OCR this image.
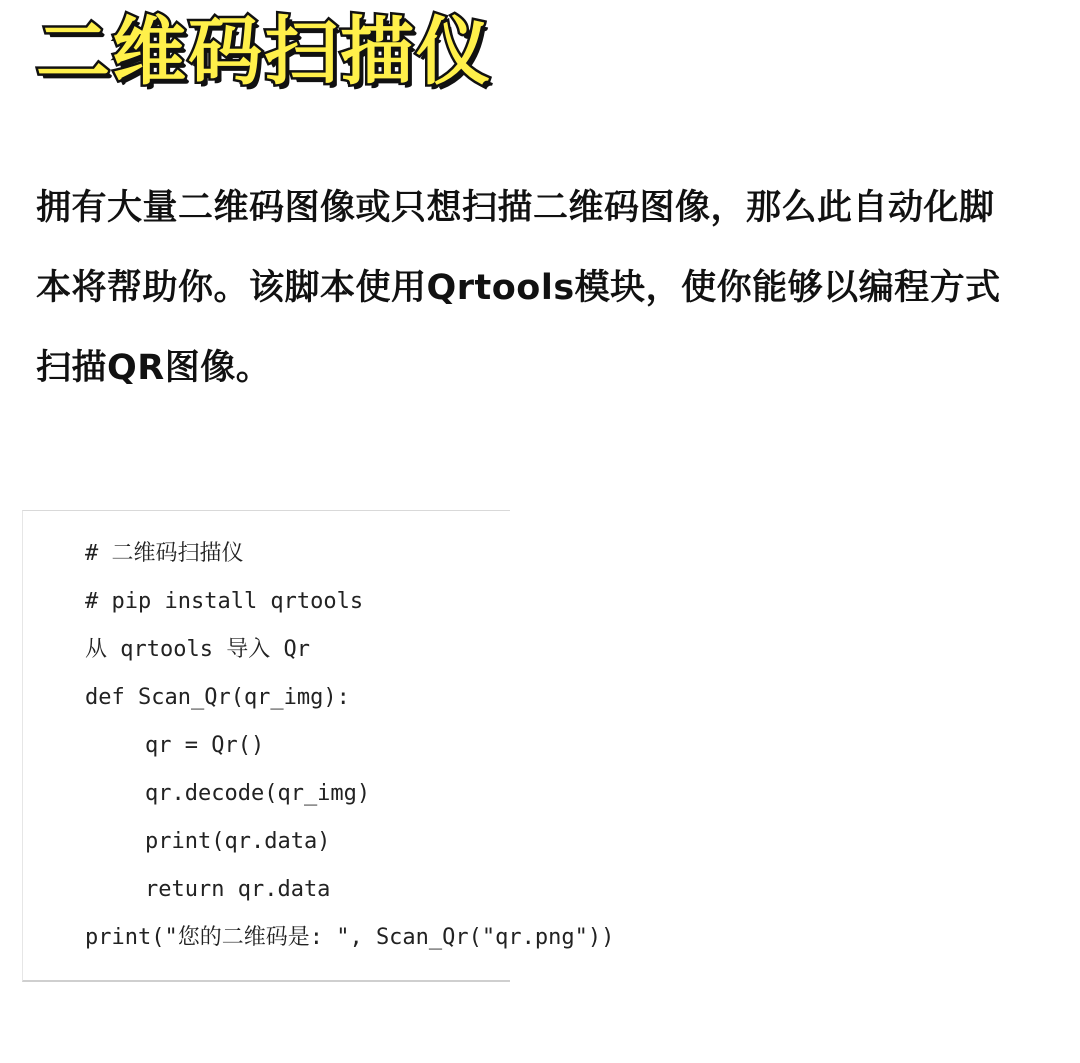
二维码扫描仪

拥有大量二维码图像或只想扫描二维码图像，那么此自动化脚本将帮助你。该脚本使用Qrtools模块，使你能够以编程方式扫描QR图像。

# 二维码扫描仪
# pip install qrtools
从 qrtools 导入 Qr
def Scan_Qr(qr_img):
qr = Qr()
qr.decode(qr_img)
print(qr.data)
return qr.data
print("您的二维码是: ", Scan_Qr("qr.png"))
